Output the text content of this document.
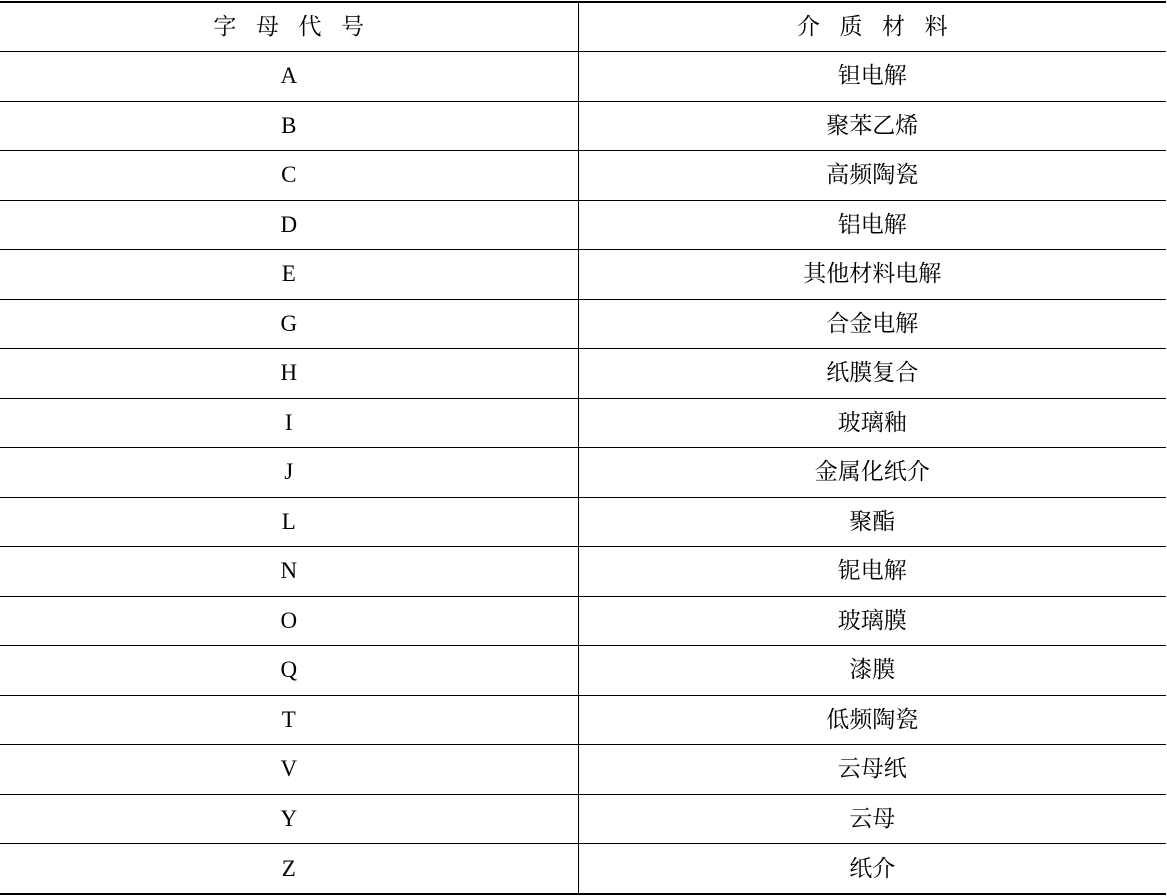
字母代号	介质材料
A	钽电解
B	聚苯乙烯
C	高频陶瓷
D	铝电解
E	其他材料电解
G	合金电解
H	纸膜复合
I	玻璃釉
J	金属化纸介
L	聚酯
N	铌电解
O	玻璃膜
Q	漆膜
T	低频陶瓷
V	云母纸
Y	云母
Z	纸介
